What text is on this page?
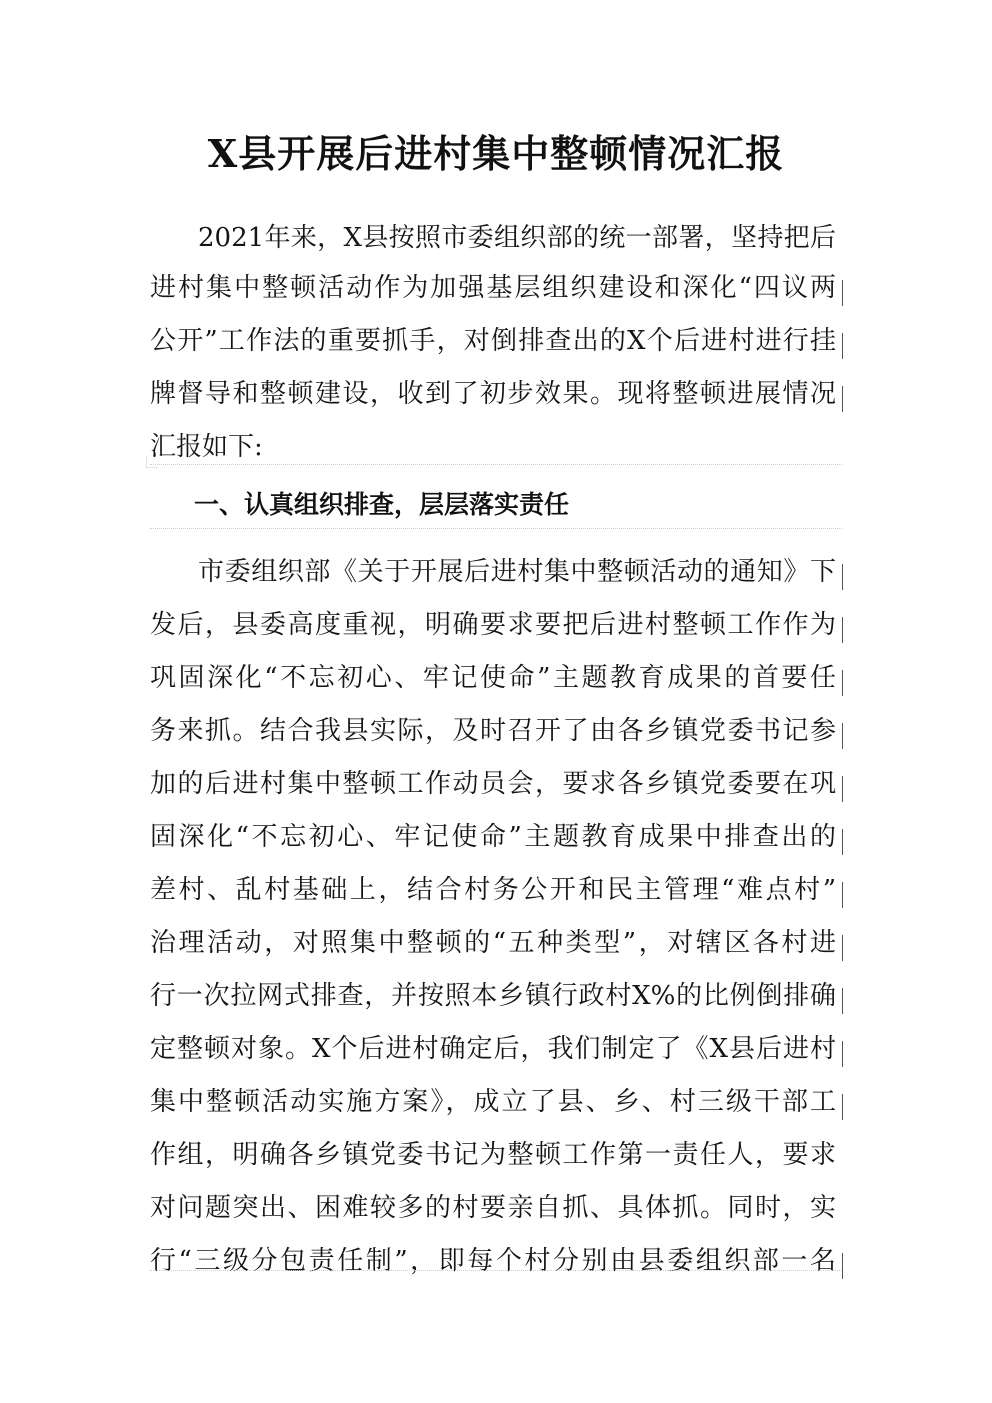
X县开展后进村集中整顿情况汇报
2021年来，X县按照市委组织部的统一部署，坚持把后
进村集中整顿活动作为加强基层组织建设和深化“四议两
公开”工作法的重要抓手，对倒排查出的X个后进村进行挂
牌督导和整顿建设，收到了初步效果。现将整顿进展情况
汇报如下:
一、认真组织排查，层层落实责任
市委组织部《关于开展后进村集中整顿活动的通知》下
发后，县委高度重视，明确要求要把后进村整顿工作作为
巩固深化“不忘初心、牢记使命”主题教育成果的首要任
务来抓。结合我县实际，及时召开了由各乡镇党委书记参
加的后进村集中整顿工作动员会，要求各乡镇党委要在巩
固深化“不忘初心、牢记使命”主题教育成果中排查出的
差村、乱村基础上，结合村务公开和民主管理“难点村”
治理活动，对照集中整顿的“五种类型”，对辖区各村进
行一次拉网式排查，并按照本乡镇行政村X%的比例倒排确
定整顿对象。X个后进村确定后，我们制定了《X县后进村
集中整顿活动实施方案》，成立了县、乡、村三级干部工
作组，明确各乡镇党委书记为整顿工作第一责任人，要求
对问题突出、困难较多的村要亲自抓、具体抓。同时，实
行“三级分包责任制”，即每个村分别由县委组织部一名
